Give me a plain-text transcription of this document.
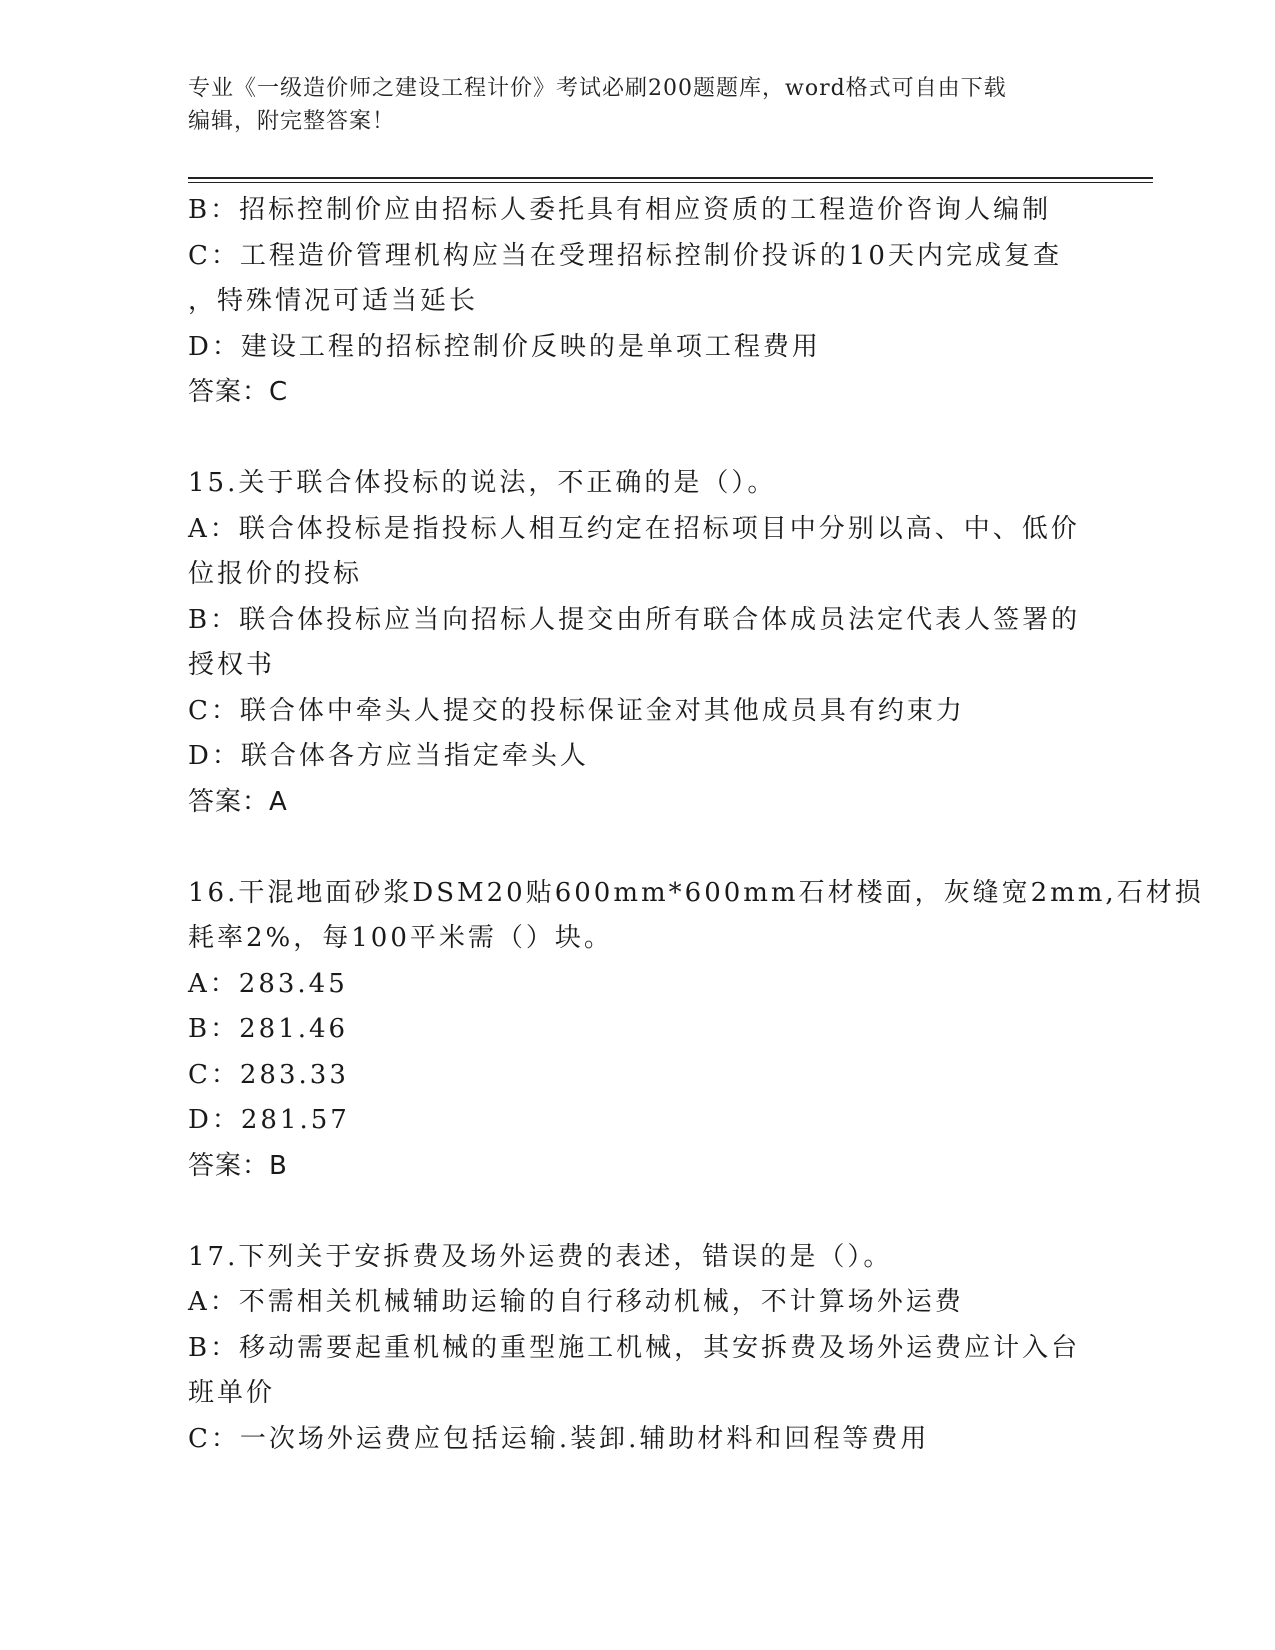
专业《一级造价师之建设工程计价》考试必刷200题题库，word格式可自由下载
编辑，附完整答案！
B：招标控制价应由招标人委托具有相应资质的工程造价咨询人编制
C：工程造价管理机构应当在受理招标控制价投诉的10天内完成复查
，特殊情况可适当延长
D：建设工程的招标控制价反映的是单项工程费用
答案：C
15.关于联合体投标的说法，不正确的是（）。
A：联合体投标是指投标人相互约定在招标项目中分别以高、中、低价
位报价的投标
B：联合体投标应当向招标人提交由所有联合体成员法定代表人签署的
授权书
C：联合体中牵头人提交的投标保证金对其他成员具有约束力
D：联合体各方应当指定牵头人
答案：A
16.干混地面砂浆DSM20贴600mm*600mm石材楼面，灰缝宽2mm,石材损
耗率2%，每100平米需（）块。
A：283.45
B：281.46
C：283.33
D：281.57
答案：B
17.下列关于安拆费及场外运费的表述，错误的是（）。
A：不需相关机械辅助运输的自行移动机械，不计算场外运费
B：移动需要起重机械的重型施工机械，其安拆费及场外运费应计入台
班单价
C：一次场外运费应包括运输.装卸.辅助材料和回程等费用
